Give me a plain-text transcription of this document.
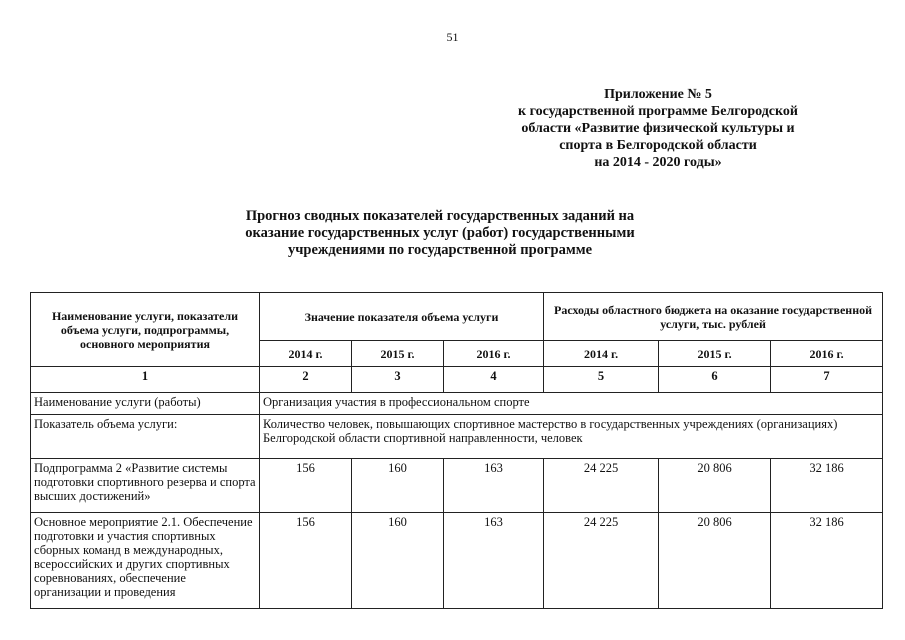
51
Приложение № 5
к государственной программе Белгородской
области «Развитие физической культуры и
спорта в Белгородской области
на 2014 - 2020 годы»
Прогноз сводных показателей государственных заданий на
оказание государственных услуг (работ) государственными
учреждениями по государственной программе
Наименование услуги, показатели объема услуги, подпрограммы, основного мероприятия	Значение показателя объема услуги			Расходы областного бюджета на оказание государственной услуги, тыс. рублей		
	2014 г.	2015 г.	2016 г.	2014 г.	2015 г.	2016 г.
1	2	3	4	5	6	7
Наименование услуги (работы)	Организация участия в профессиональном спорте					
Показатель объема услуги:	Количество человек, повышающих спортивное мастерство в государственных учреждениях (организациях) Белгородской области спортивной направленности, человек					
Подпрограмма 2 «Развитие системы подготовки спортивного резерва и спорта высших достижений»	156	160	163	24 225	20 806	32 186
Основное мероприятие 2.1. Обеспечение подготовки и участия спортивных сборных команд в международных, всероссийских и других спортивных соревнованиях, обеспечение организации и проведения	156	160	163	24 225	20 806	32 186
